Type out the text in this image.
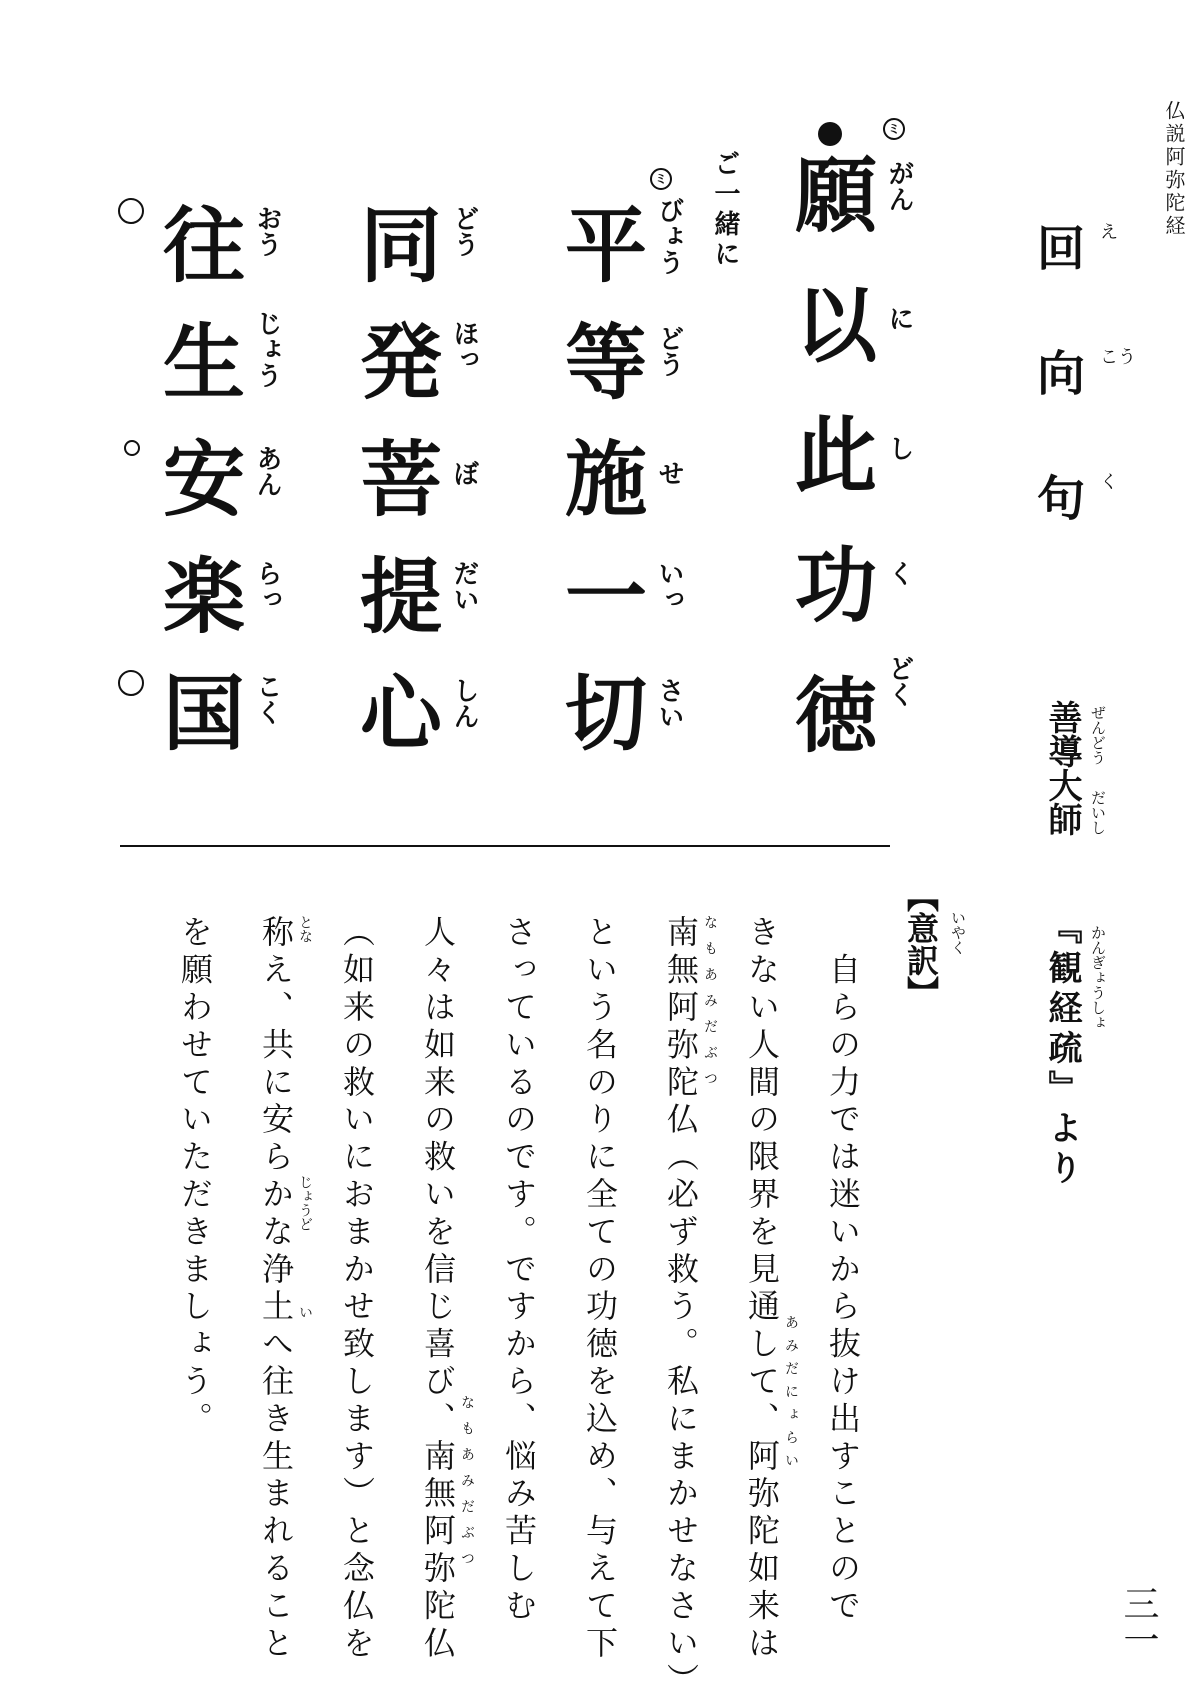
仏説阿弥陀経
回 え
向 こう
句 く
ぜんどう
だいし
善導大師
かんぎょうしょ
『観経疏』より
ミ
ミ ご一緒に 願 がん
以 に
此 し
功 く
徳 どく
平 びょう
等 どう
施 せ
一 いっ
切 さい
同 どう
発 ほっ
菩 ぼ
提 だい
心 しん
往 おう
生 じょう
安 あん
楽 らっ
国 こく
いやく
【意訳】
　自らの力では迷いから抜け出すことので
きない人間の限界を見通して、阿弥陀如来は あみだにょらい
南無阿弥陀仏（必ず救う。私にまかせなさい） なもあみだぶつ
という名のりに全ての功徳を込め、与えて下
さっているのです。ですから、悩み苦しむ
人々は如来の救いを信じ喜び、南無阿弥陀仏 なもあみだぶつ
（如来の救いにおまかせ致します）と念仏を
称え、共に安らかな浄土へ往き生まれること とな
じょうど
い
を願わせていただきましょう。
三一
